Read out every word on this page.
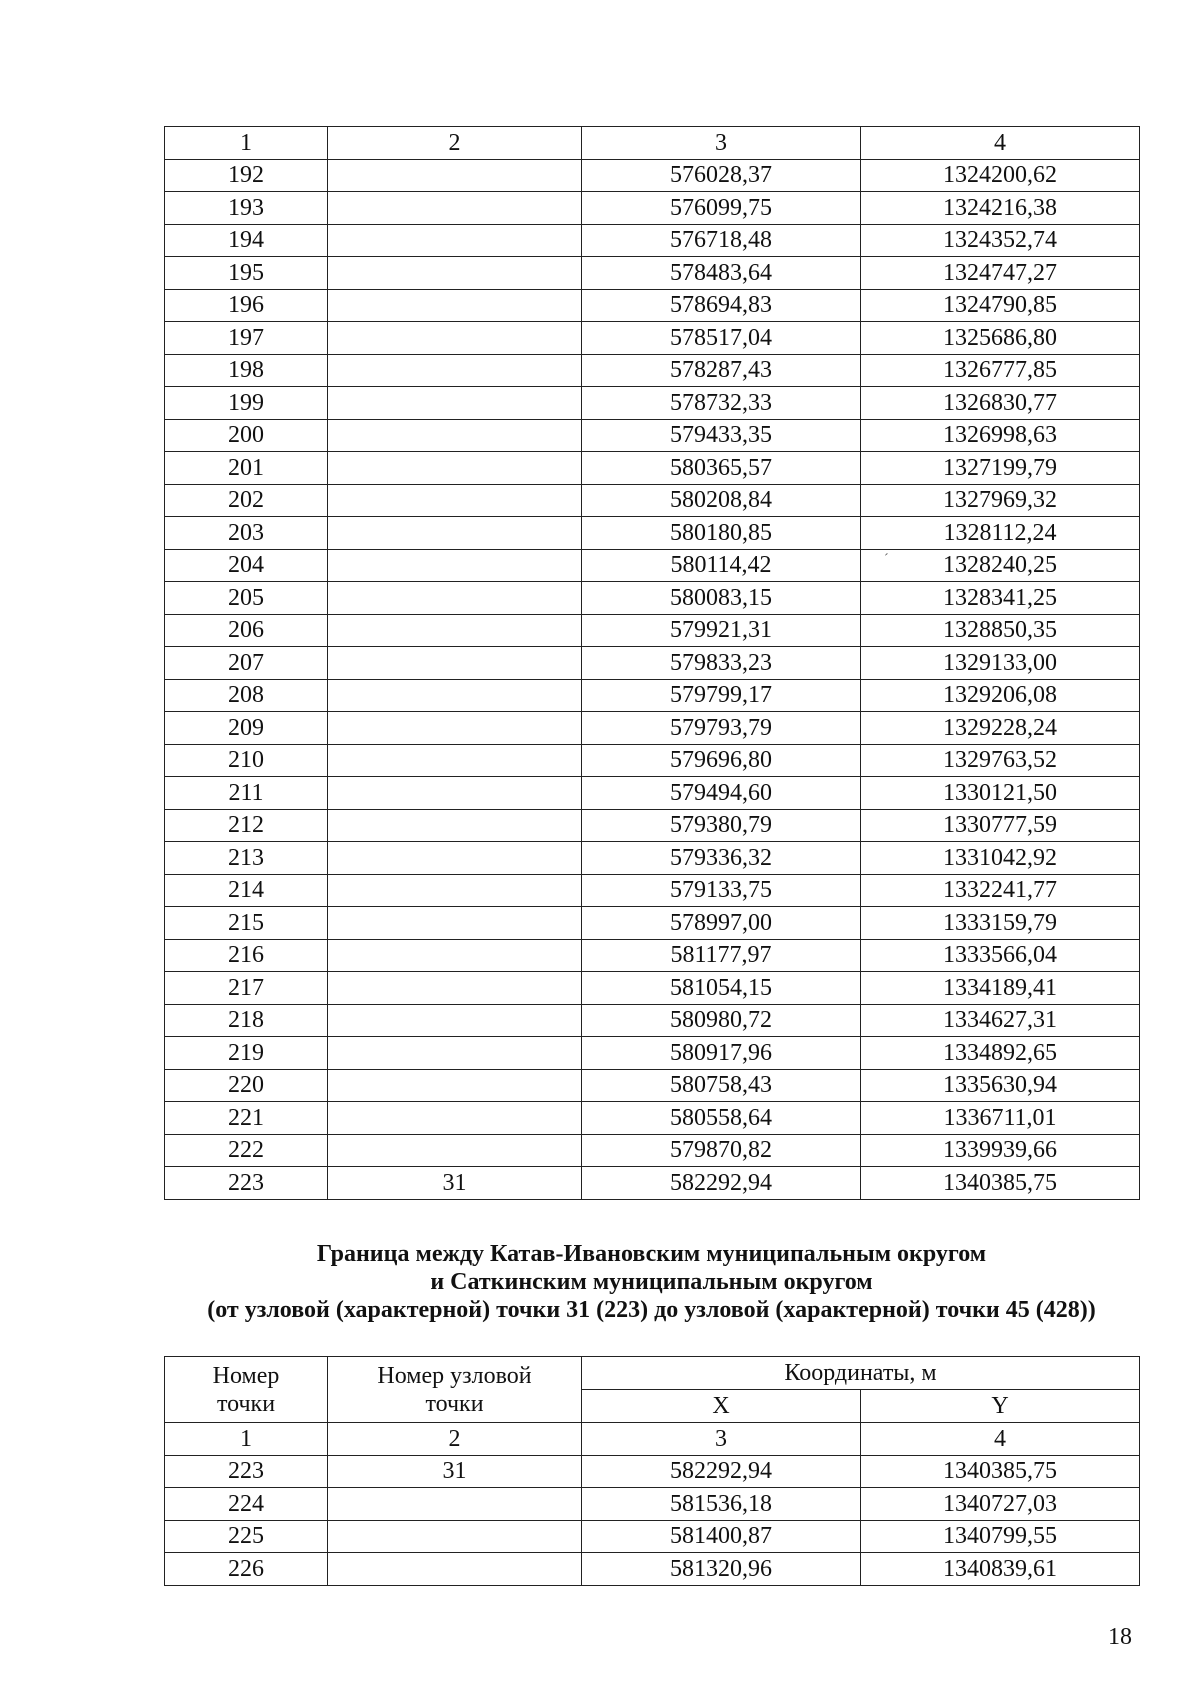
1	2	3	4
192		576028,37	1324200,62
193		576099,75	1324216,38
194		576718,48	1324352,74
195		578483,64	1324747,27
196		578694,83	1324790,85
197		578517,04	1325686,80
198		578287,43	1326777,85
199		578732,33	1326830,77
200		579433,35	1326998,63
201		580365,57	1327199,79
202		580208,84	1327969,32
203		580180,85	1328112,24
204		580114,42	1328240,25
205		580083,15	1328341,25
206		579921,31	1328850,35
207		579833,23	1329133,00
208		579799,17	1329206,08
209		579793,79	1329228,24
210		579696,80	1329763,52
211		579494,60	1330121,50
212		579380,79	1330777,59
213		579336,32	1331042,92
214		579133,75	1332241,77
215		578997,00	1333159,79
216		581177,97	1333566,04
217		581054,15	1334189,41
218		580980,72	1334627,31
219		580917,96	1334892,65
220		580758,43	1335630,94
221		580558,64	1336711,01
222		579870,82	1339939,66
223	31	582292,94	1340385,75
Граница между Катав-Ивановским муниципальным округом
и Саткинским муниципальным округом
(от узловой (характерной) точки 31 (223) до узловой (характерной) точки 45 (428))
Номер точки	Номер узловой точки	Координаты, м	
		X	Y
1	2	3	4
223	31	582292,94	1340385,75
224		581536,18	1340727,03
225		581400,87	1340799,55
226		581320,96	1340839,61
18
ˊ
